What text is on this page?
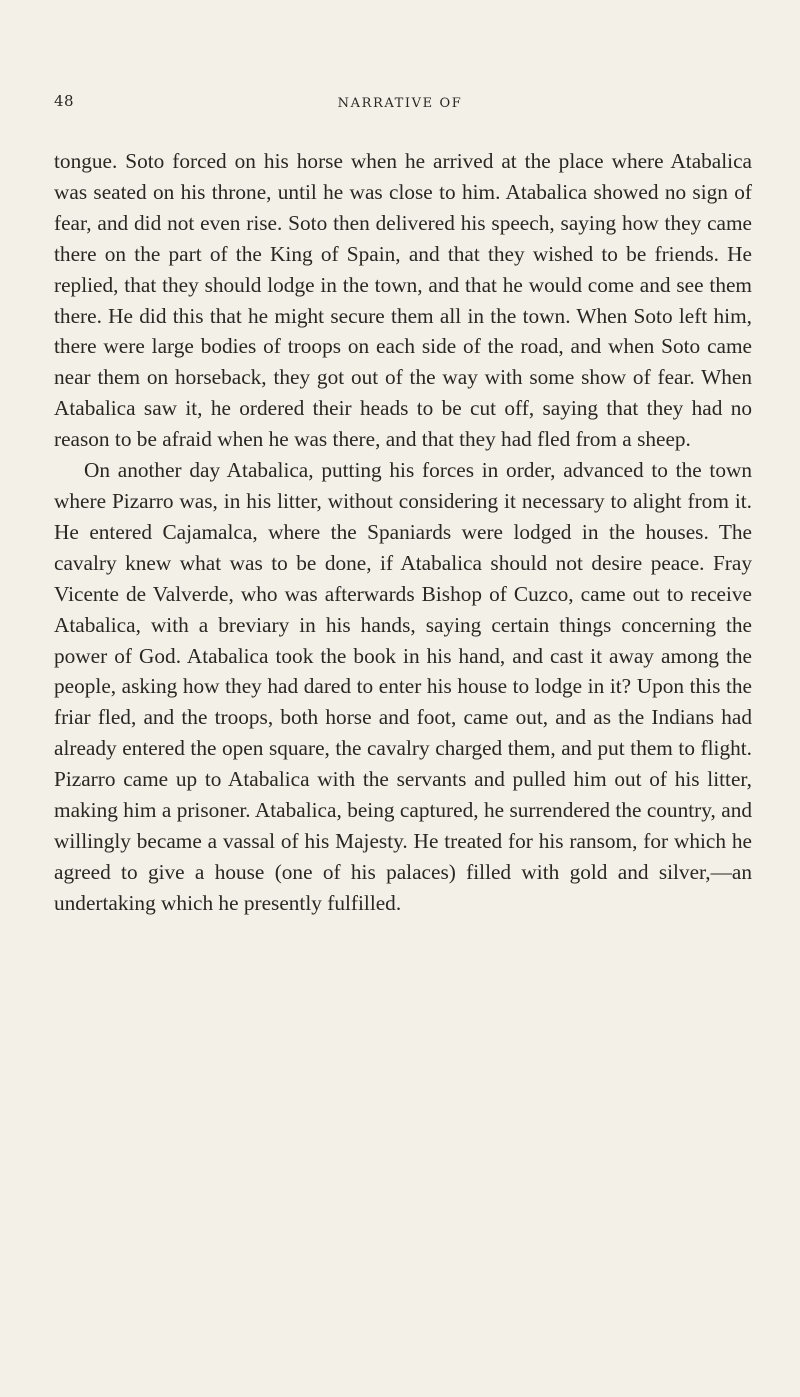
48	NARRATIVE OF

tongue. Soto forced on his horse when he arrived at the place where Atabalica was seated on his throne, until he was close to him. Atabalica showed no sign of fear, and did not even rise. Soto then delivered his speech, saying how they came there on the part of the King of Spain, and that they wished to be friends. He replied, that they should lodge in the town, and that he would come and see them there. He did this that he might secure them all in the town. When Soto left him, there were large bodies of troops on each side of the road, and when Soto came near them on horseback, they got out of the way with some show of fear. When Atabalica saw it, he ordered their heads to be cut off, saying that they had no reason to be afraid when he was there, and that they had fled from a sheep.

On another day Atabalica, putting his forces in order, advanced to the town where Pizarro was, in his litter, without considering it necessary to alight from it. He entered Cajamalca, where the Spaniards were lodged in the houses. The cavalry knew what was to be done, if Atabalica should not desire peace. Fray Vicente de Valverde, who was afterwards Bishop of Cuzco, came out to receive Atabalica, with a breviary in his hands, saying certain things concerning the power of God. Atabalica took the book in his hand, and cast it away among the people, asking how they had dared to enter his house to lodge in it? Upon this the friar fled, and the troops, both horse and foot, came out, and as the Indians had already entered the open square, the cavalry charged them, and put them to flight. Pizarro came up to Atabalica with the servants and pulled him out of his litter, making him a prisoner. Atabalica, being captured, he surrendered the country, and willingly became a vassal of his Majesty. He treated for his ransom, for which he agreed to give a house (one of his palaces) filled with gold and silver,—an undertaking which he presently fulfilled.
